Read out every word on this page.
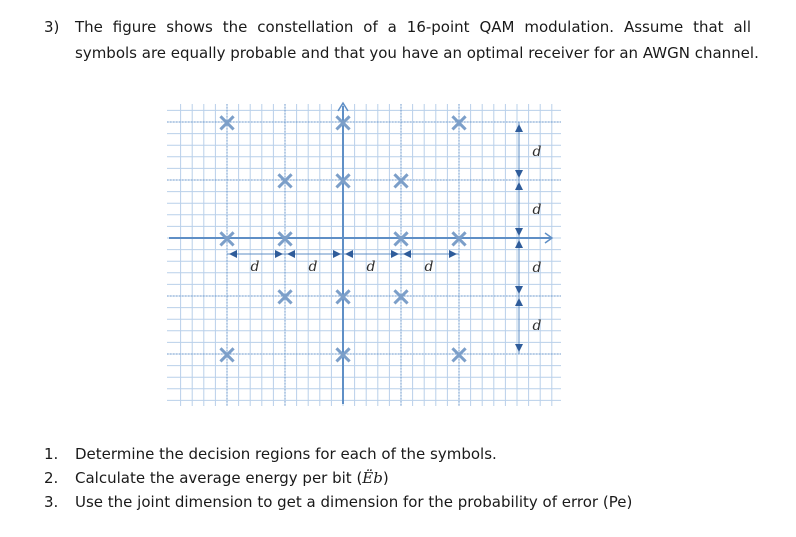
3) The figure shows the constellation of a 16-point QAM modulation. Assume that all
symbols are equally probable and that you have an optimal receiver for an AWGN channel.
d	d	d	d
d
d
d
d
×	×	×
× × ×
× ×	× ×
× × ×
×	×	×
1. Determine the decision regions for each of the symbols.
2. Calculate the average energy per bit (Ëb)
3. Use the joint dimension to get a dimension for the probability of error (Pe)
